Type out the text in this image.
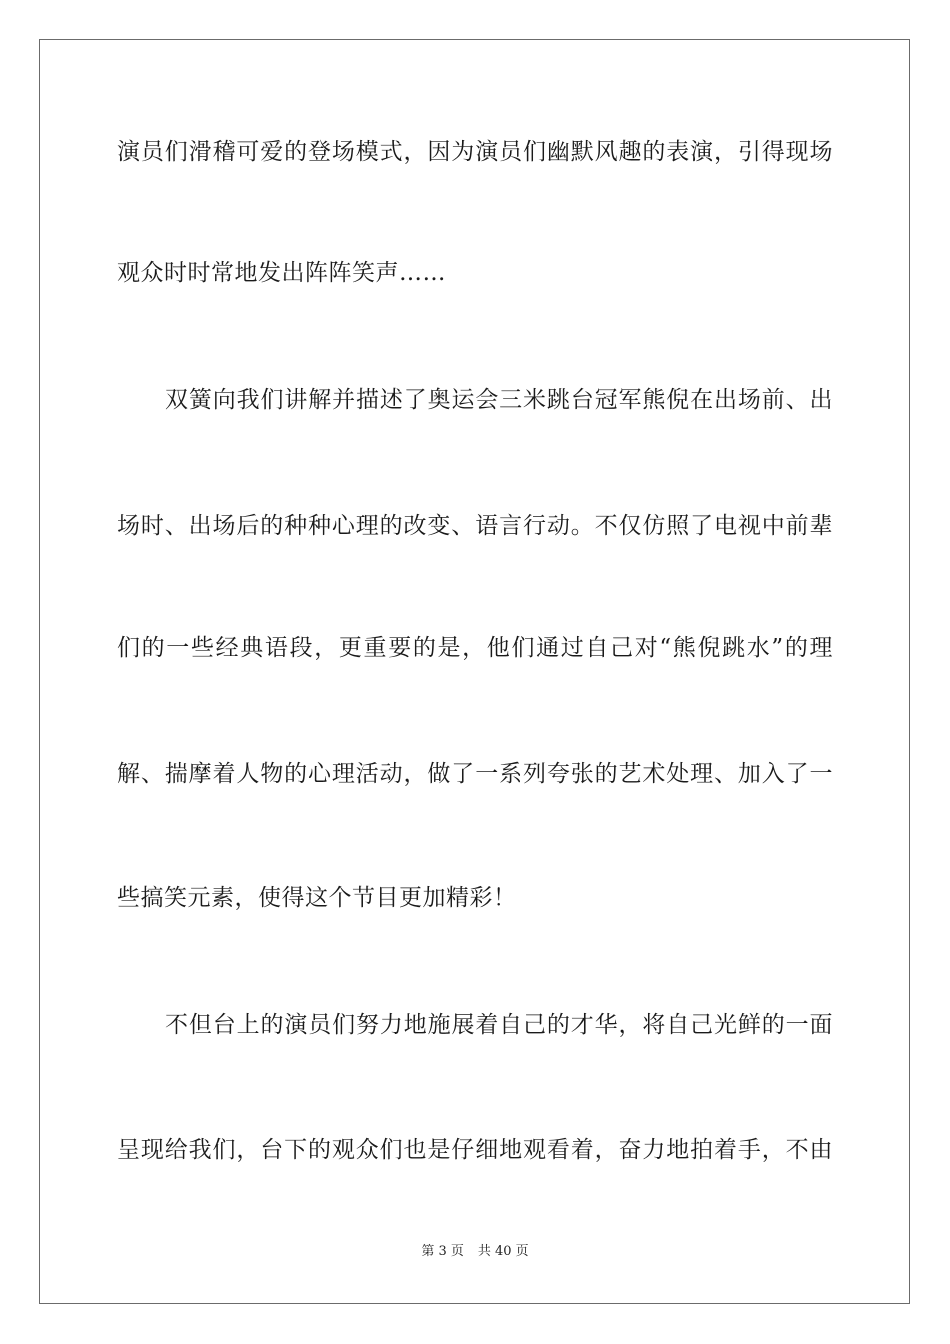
演员们滑稽可爱的登场模式，因为演员们幽默风趣的表演，引得现场
观众时时常地发出阵阵笑声……
双簧向我们讲解并描述了奥运会三米跳台冠军熊倪在出场前、出
场时、出场后的种种心理的改变、语言行动。不仅仿照了电视中前辈
们的一些经典语段，更重要的是，他们通过自己对“熊倪跳水”的理
解、揣摩着人物的心理活动，做了一系列夸张的艺术处理、加入了一
些搞笑元素，使得这个节目更加精彩！
不但台上的演员们努力地施展着自己的才华，将自己光鲜的一面
呈现给我们，台下的观众们也是仔细地观看着，奋力地拍着手，不由
第 3 页 共 40 页
